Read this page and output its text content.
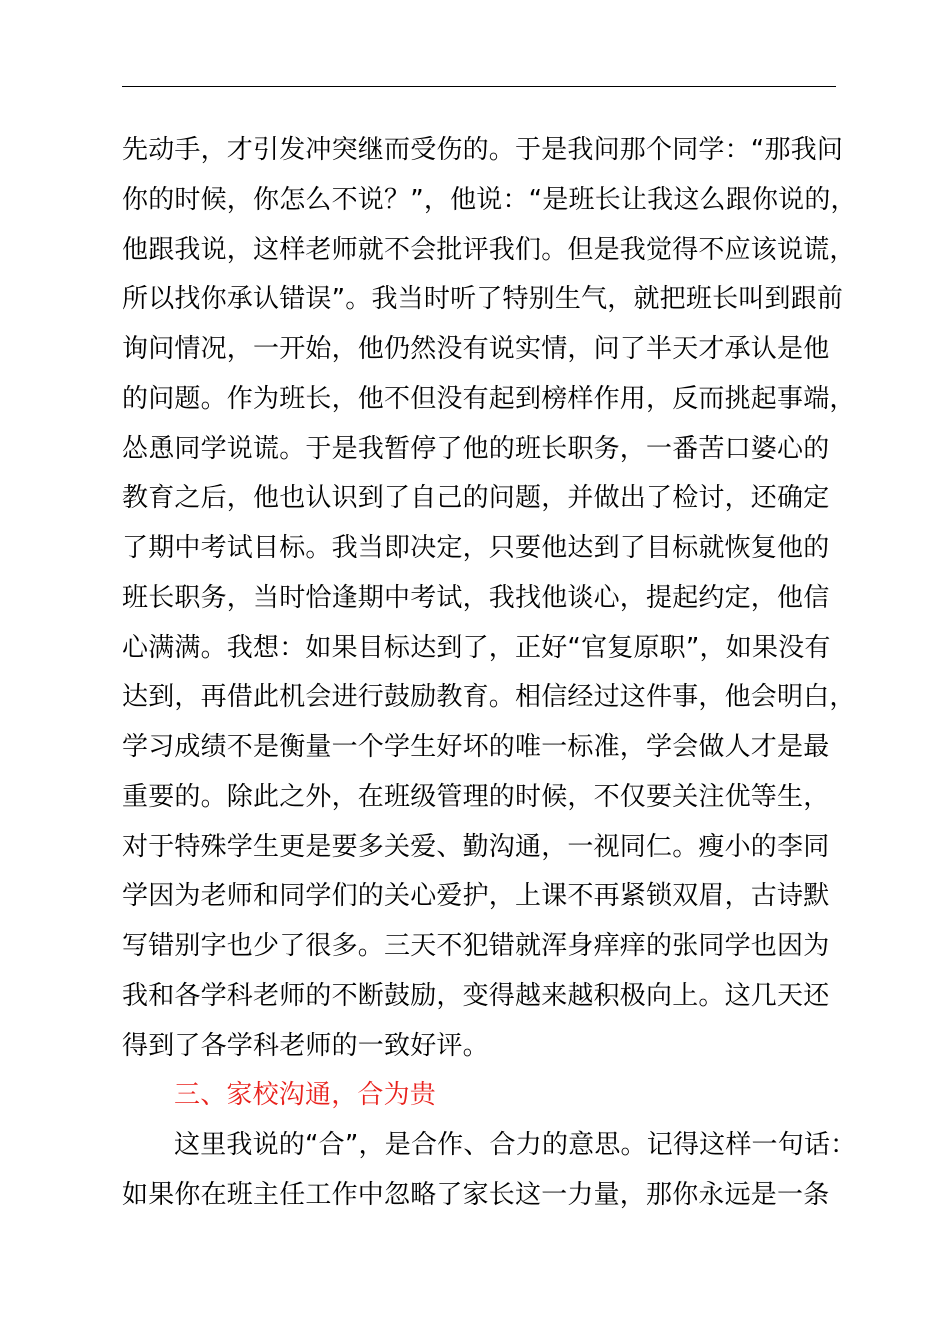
先动手，才引发冲突继而受伤的。于是我问那个同学：“那我问
你的时候，你怎么不说？”，他说：“是班长让我这么跟你说的，
他跟我说，这样老师就不会批评我们。但是我觉得不应该说谎，
所以找你承认错误”。我当时听了特别生气，就把班长叫到跟前
询问情况，一开始，他仍然没有说实情，问了半天才承认是他
的问题。作为班长，他不但没有起到榜样作用，反而挑起事端，
怂恿同学说谎。于是我暂停了他的班长职务，一番苦口婆心的
教育之后，他也认识到了自己的问题，并做出了检讨，还确定
了期中考试目标。我当即决定，只要他达到了目标就恢复他的
班长职务，当时恰逢期中考试，我找他谈心，提起约定，他信
心满满。我想：如果目标达到了，正好“官复原职”，如果没有
达到，再借此机会进行鼓励教育。相信经过这件事，他会明白，
学习成绩不是衡量一个学生好坏的唯一标准，学会做人才是最
重要的。除此之外，在班级管理的时候，不仅要关注优等生，
对于特殊学生更是要多关爱、勤沟通，一视同仁。瘦小的李同
学因为老师和同学们的关心爱护，上课不再紧锁双眉，古诗默
写错别字也少了很多。三天不犯错就浑身痒痒的张同学也因为
我和各学科老师的不断鼓励，变得越来越积极向上。这几天还
得到了各学科老师的一致好评。
三、家校沟通，合为贵
这里我说的“合”，是合作、合力的意思。记得这样一句话：
如果你在班主任工作中忽略了家长这一力量，那你永远是一条
